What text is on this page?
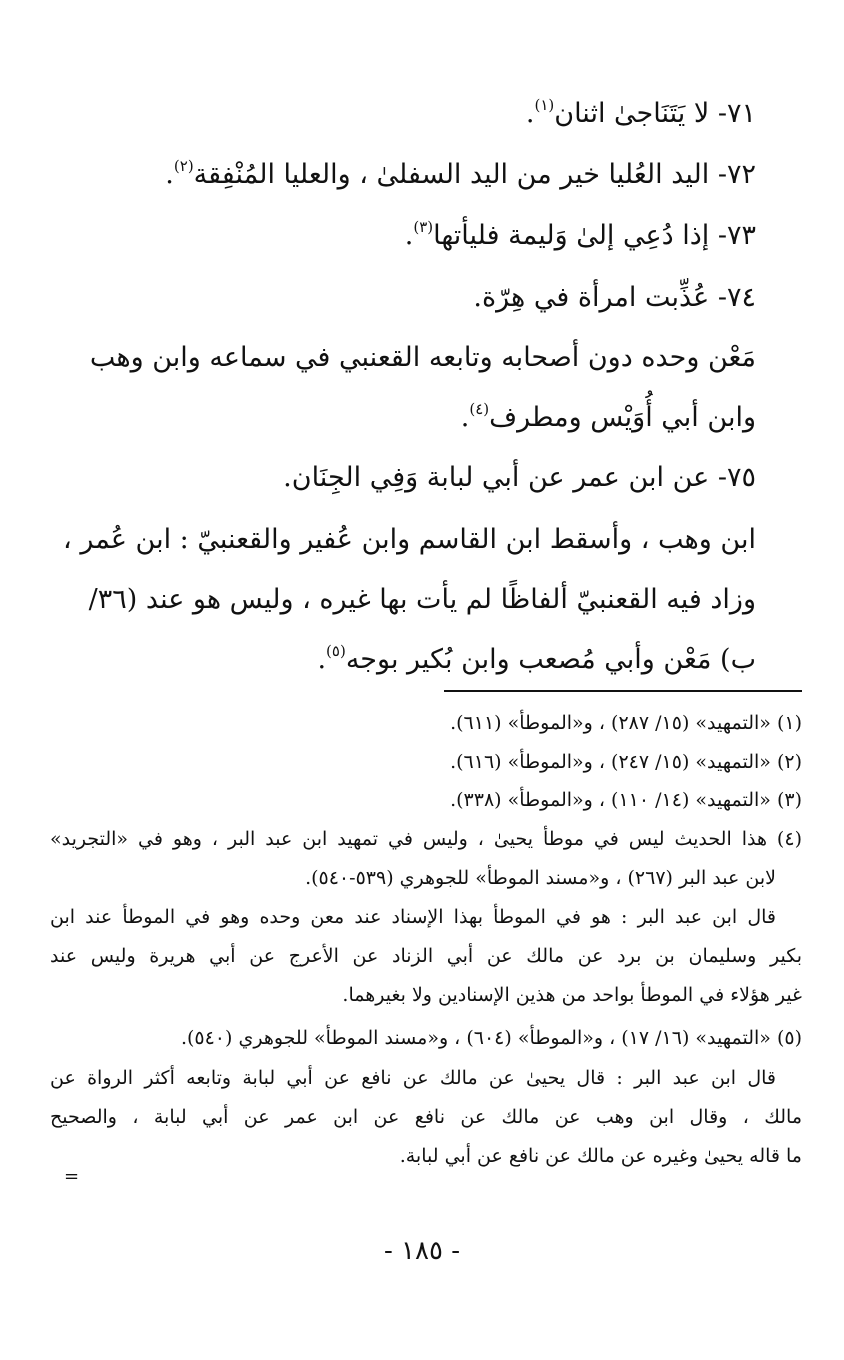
٧١- لا يَتَنَاجىٰ اثنان$^{(١)}$.
٧٢- اليد العُليا خير من اليد السفلىٰ ، والعليا المُنْفِقة$^{(٢)}$.
٧٣- إذا دُعِي إلىٰ وَليمة فليأتها$^{(٣)}$.
٧٤- عُذِّبت امرأة في هِرّة.
مَعْن وحده دون أصحابه وتابعه القعنبي في سماعه وابن وهب
وابن أبي أُوَيْس ومطرف$^{(٤)}$.
٧٥- عن ابن عمر عن أبي لبابة وَفِي الجِنَان.
ابن وهب ، وأسقط ابن القاسم وابن عُفير والقعنبيّ : ابن عُمر ،
وزاد فيه القعنبيّ ألفاظًا لم يأت بها غيره ، وليس هو عند (٣٦/
ب) مَعْن وأبي مُصعب وابن بُكير بوجه$^{(٥)}$.
(١) «التمهيد» (١٥/ ٢٨٧) ، و«الموطأ» (٦١١).
(٢) «التمهيد» (١٥/ ٢٤٧) ، و«الموطأ» (٦١٦).
(٣) «التمهيد» (١٤/ ١١٠) ، و«الموطأ» (٣٣٨).
(٤) هذا الحديث ليس في موطأ يحيىٰ ، وليس في تمهيد ابن عبد البر ، وهو في «التجريد»
لابن عبد البر (٢٦٧) ، و«مسند الموطأ» للجوهري (٥٣٩-٥٤٠).
قال ابن عبد البر : هو في الموطأ بهذا الإسناد عند معن وحده وهو في الموطأ عند ابن
بكير وسليمان بن برد عن مالك عن أبي الزناد عن الأعرج عن أبي هريرة وليس عند
غير هؤلاء في الموطأ بواحد من هذين الإسنادين ولا بغيرهما.
(٥) «التمهيد» (١٦/ ١٧) ، و«الموطأ» (٦٠٤) ، و«مسند الموطأ» للجوهري (٥٤٠).
قال ابن عبد البر : قال يحيىٰ عن مالك عن نافع عن أبي لبابة وتابعه أكثر الرواة عن
مالك ، وقال ابن وهب عن مالك عن نافع عن ابن عمر عن أبي لبابة ، والصحيح
ما قاله يحيىٰ وغيره عن مالك عن نافع عن أبي لبابة.
=
- ١٨٥ -
